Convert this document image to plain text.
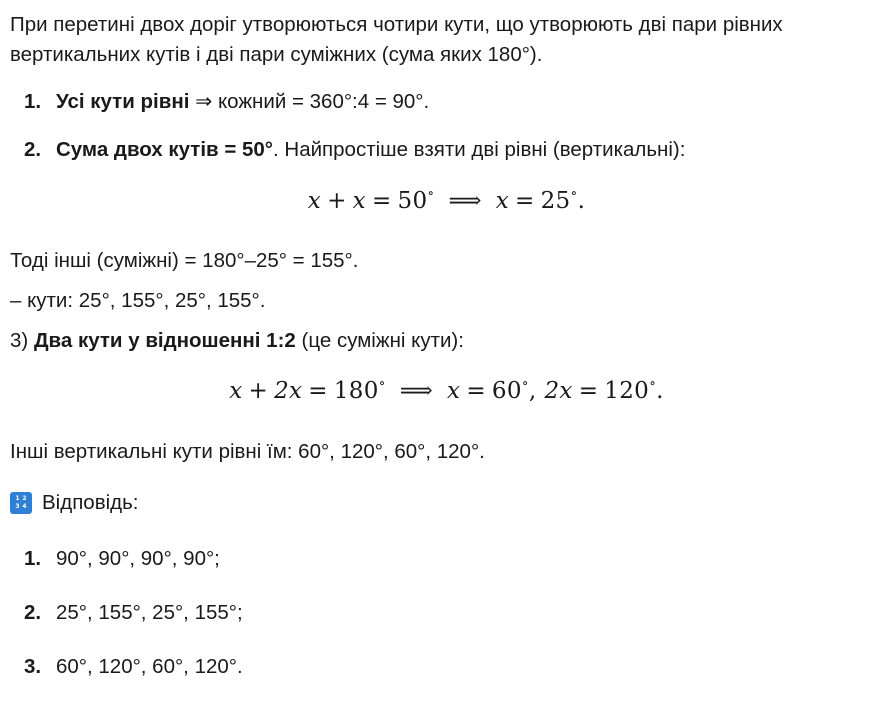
При перетині двох доріг утворюються чотири кути, що утворюють дві пари рівних вертикальних кутів і дві пари суміжних (сума яких 180°).

1. Усі кути рівні ⇒ кожний = 360°:4 = 90°.
2. Сума двох кутів = 50°. Найпростіше взяти дві рівні (вертикальні):
x + x = 50∘ ⟹ x = 25∘.

Тоді інші (суміжні) = 180°–25° = 155°.

– кути: 25°, 155°, 25°, 155°.

3) Два кути у відношенні 1:2 (це суміжні кути):

x + 2x = 180∘ ⟹ x = 60∘, 2x = 120∘.

Інші вертикальні кути рівні їм: 60°, 120°, 60°, 120°.

1 2
3 4 Відповідь:
1. 90°, 90°, 90°, 90°;
2. 25°, 155°, 25°, 155°;
3. 60°, 120°, 60°, 120°.
